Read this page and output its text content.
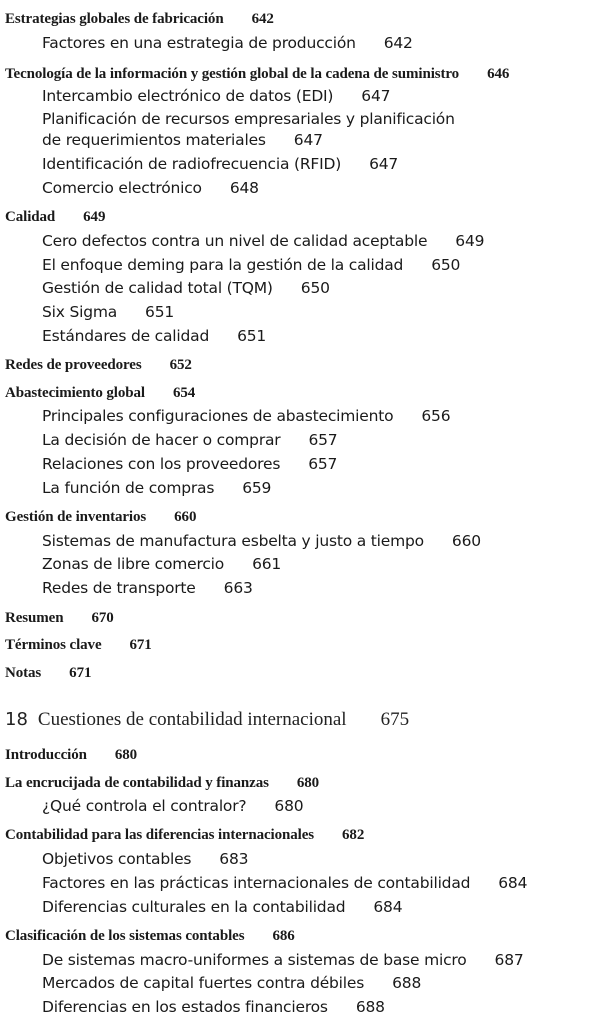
Estrategias globales de fabricación 642
Factores en una estrategia de producción 642
Tecnología de la información y gestión global de la cadena de suministro 646
Intercambio electrónico de datos (EDI) 647
Planificación de recursos empresariales y planificación
de requerimientos materiales 647
Identificación de radiofrecuencia (RFID) 647
Comercio electrónico 648
Calidad 649
Cero defectos contra un nivel de calidad aceptable 649
El enfoque deming para la gestión de la calidad 650
Gestión de calidad total (TQM) 650
Six Sigma 651
Estándares de calidad 651
Redes de proveedores 652
Abastecimiento global 654
Principales configuraciones de abastecimiento 656
La decisión de hacer o comprar 657
Relaciones con los proveedores 657
La función de compras 659
Gestión de inventarios 660
Sistemas de manufactura esbelta y justo a tiempo 660
Zonas de libre comercio 661
Redes de transporte 663
Resumen 670
Términos clave 671
Notas 671
18 Cuestiones de contabilidad internacional 675
Introducción 680
La encrucijada de contabilidad y finanzas 680
¿Qué controla el contralor? 680
Contabilidad para las diferencias internacionales 682
Objetivos contables 683
Factores en las prácticas internacionales de contabilidad 684
Diferencias culturales en la contabilidad 684
Clasificación de los sistemas contables 686
De sistemas macro-uniformes a sistemas de base micro 687
Mercados de capital fuertes contra débiles 688
Diferencias en los estados financieros 688
